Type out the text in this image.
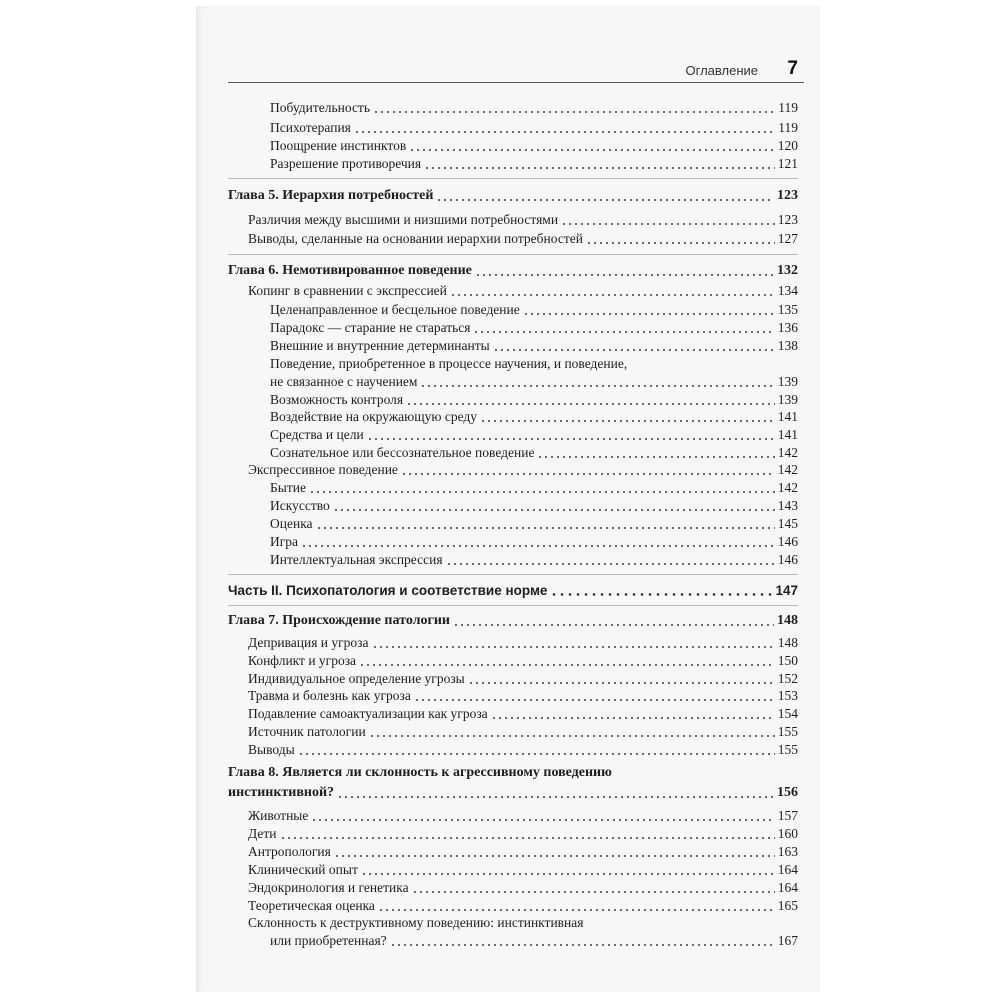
Оглавление 7
Побудительность	119
Психотерапия	119
Поощрение инстинктов	120
Разрешение противоречия	121
Глава 5. Иерархия потребностей	123
Различия между высшими и низшими потребностями	123
Выводы, сделанные на основании иерархии потребностей	127
Глава 6. Немотивированное поведение	132
Копинг в сравнении с экспрессией	134
Целенаправленное и бесцельное поведение	135
Парадокс — старание не стараться	136
Внешние и внутренние детерминанты	138
Поведение, приобретенное в процессе научения, и поведение,
не связанное с научением	139
Возможность контроля	139
Воздействие на окружающую среду	141
Средства и цели	141
Сознательное или бессознательное поведение	142
Экспрессивное поведение	142
Бытие	142
Искусство	143
Оценка	145
Игра	146
Интеллектуальная экспрессия	146
Часть II. Психопатология и соответствие норме	147
Глава 7. Происхождение патологии	148
Депривация и угроза	148
Конфликт и угроза	150
Индивидуальное определение угрозы	152
Травма и болезнь как угроза	153
Подавление самоактуализации как угроза	154
Источник патологии	155
Выводы	155
Глава 8. Является ли склонность к агрессивному поведению
инстинктивной?	156
Животные	157
Дети	160
Антропология	163
Клинический опыт	164
Эндокринология и генетика	164
Теоретическая оценка	165
Склонность к деструктивному поведению: инстинктивная
или приобретенная?	167
